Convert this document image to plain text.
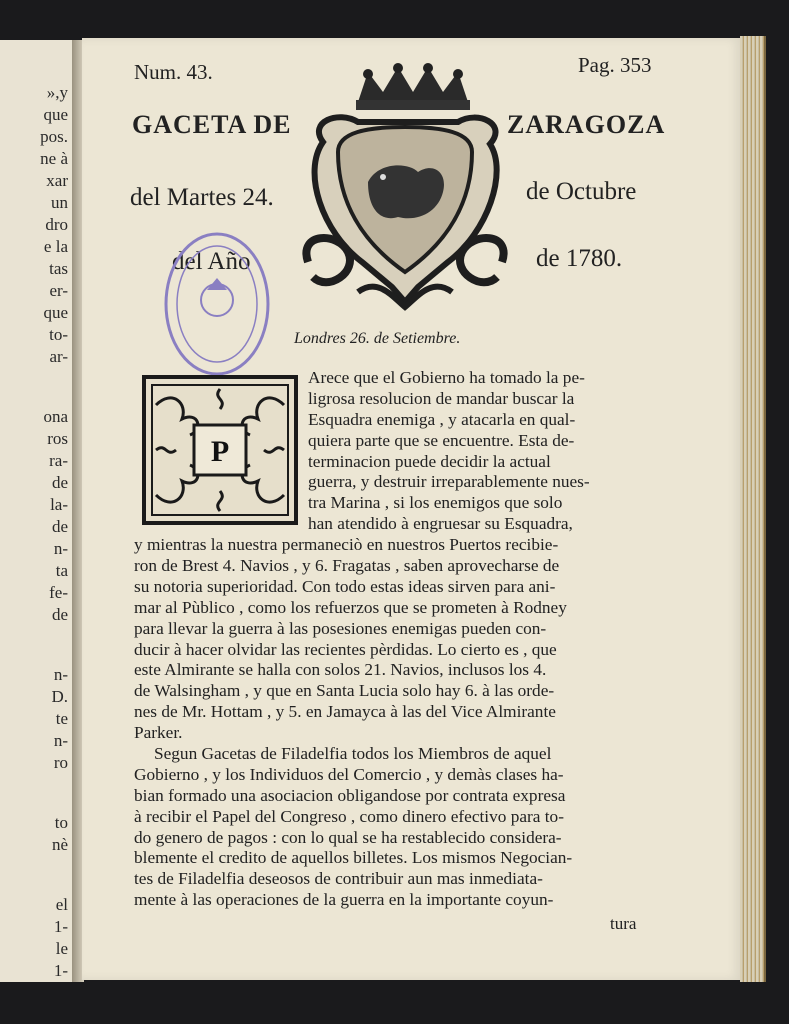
»,y
que
pos.
ne à
xar
un
dro
e la
tas
er-
que
to-
ar-
ona
ros
ra-
de
la-
de
n-
ta
fe-
de
n-
D.
te
n-
ro
to
nè
el
1-
le
1-
Num. 43.	Pag. 353
GACETA DE	ZARAGOZA
del Martes 24.	de Octubre
del Año	de 1780.
Londres 26. de Setiembre.
P
Arece que el Gobierno ha tomado la pe-
ligrosa resolucion de mandar buscar la
Esquadra enemiga , y atacarla en qual-
quiera parte que se encuentre. Esta de-
terminacion puede decidir la actual
guerra, y destruir irreparablemente nues-
tra Marina , si los enemigos que solo
han atendido à engruesar su Esquadra,
y mientras la nuestra permaneciò en nuestros Puertos recibie-
ron de Brest 4. Navios , y 6. Fragatas , saben aprovecharse de
su notoria superioridad. Con todo estas ideas sirven para ani-
mar al Pùblico , como los refuerzos que se prometen à Rodney
para llevar la guerra à las posesiones enemigas pueden con-
ducir à hacer olvidar las recientes pèrdidas. Lo cierto es , que
este Almirante se halla con solos 21. Navios, inclusos los 4.
de Walsingham , y que en Santa Lucia solo hay 6. à las orde-
nes de Mr. Hottam , y 5. en Jamayca à las del Vice Almirante
Parker.
Segun Gacetas de Filadelfia todos los Miembros de aquel
Gobierno , y los Individuos del Comercio , y demàs clases ha-
bian formado una asociacion obligandose por contrata expresa
à recibir el Papel del Congreso , como dinero efectivo para to-
do genero de pagos : con lo qual se ha restablecido considera-
blemente el credito de aquellos billetes. Los mismos Negocian-
tes de Filadelfia deseosos de contribuir aun mas inmediata-
mente à las operaciones de la guerra en la importante coyun-
tura
